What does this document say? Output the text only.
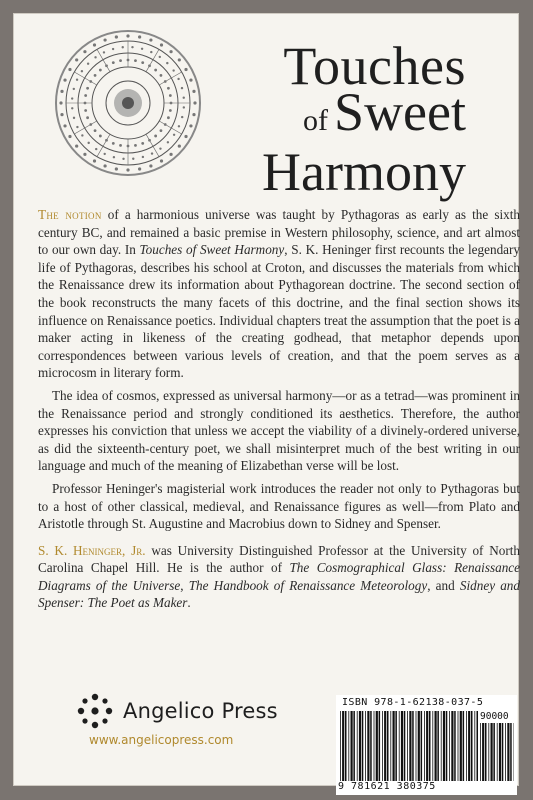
Touches
of Sweet
Harmony

The notion of a harmonious universe was taught by Pythagoras as early as the sixth century BC, and remained a basic premise in Western philosophy, science, and art almost to our own day. In Touches of Sweet Harmony, S. K. Heninger first recounts the legendary life of Pythagoras, describes his school at Croton, and discusses the materials from which the Renaissance drew its information about Pythagorean doctrine. The second section of the book reconstructs the many facets of this doctrine, and the final section shows its influence on Renaissance poetics. Individual chapters treat the assumption that the poet is a maker acting in likeness of the creating godhead, that metaphor depends upon correspondences between various levels of creation, and that the poem serves as a microcosm in literary form.

The idea of cosmos, expressed as universal harmony—or as a tetrad—was prominent in the Renaissance period and strongly conditioned its aesthetics. Therefore, the author expresses his conviction that unless we accept the viability of a divinely-ordered universe, as did the sixteenth-century poet, we shall misinterpret much of the best writing in our language and much of the meaning of Elizabethan verse will be lost.

Professor Heninger's magisterial work introduces the reader not only to Pythagoras but to a host of other classical, medieval, and Renaissance figures as well—from Plato and Aristotle through St. Augustine and Macrobius down to Sidney and Spenser.

S. K. Heninger, Jr. was University Distinguished Professor at the University of North Carolina Chapel Hill. He is the author of The Cosmographical Glass: Renaissance Diagrams of the Universe, The Handbook of Renaissance Meteorology, and Sidney and Spenser: The Poet as Maker.

Angelico Press
www.angelicopress.com
ISBN 978-1-62138-037-5
90000
9 781621 380375
